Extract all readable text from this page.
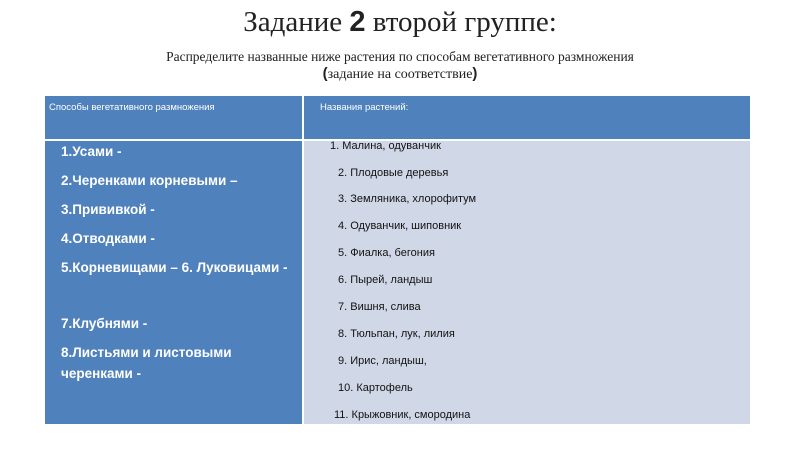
Задание 2 второй группе:
Распределите названные ниже растения по способам вегетативного размножения
(задание на соответствие)
Способы вегетативного размножения	Названия растений:
1.Усами -
2.Черенками корневыми –
3.Прививкой -
4.Отводками -
5.Корневищами – 6. Луковицами -
7.Клубнями -
8.Листьями и листовыми черенками -
1. Малина, одуванчик
2. Плодовые деревья
3. Земляника, хлорофитум
4. Одуванчик, шиповник
5. Фиалка, бегония
6. Пырей, ландыш
7. Вишня, слива
8. Тюльпан, лук, лилия
9. Ирис, ландыш,
10. Картофель
11. Крыжовник, смородина
